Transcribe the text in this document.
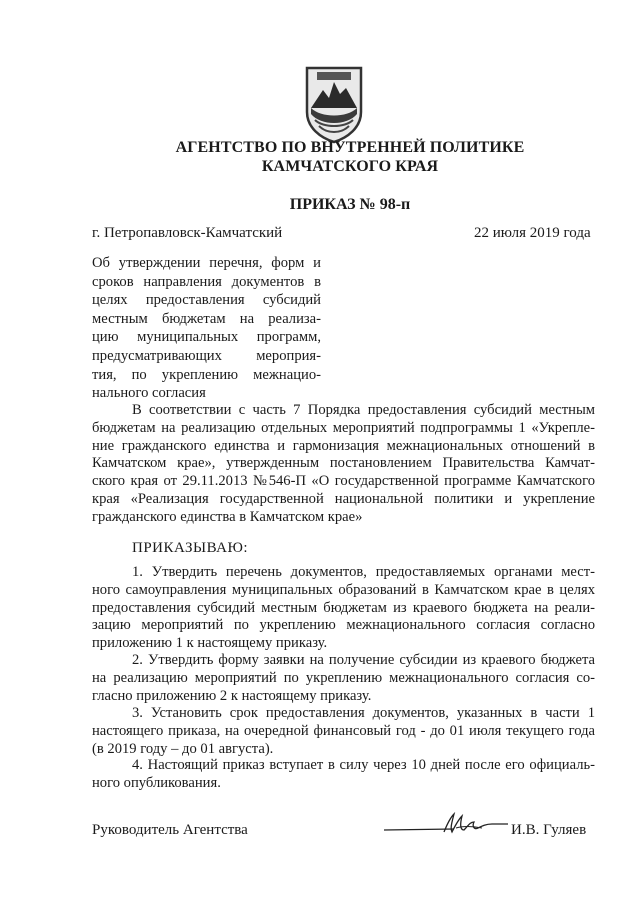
АГЕНТСТВО ПО ВНУТРЕННЕЙ ПОЛИТИКЕ
КАМЧАТСКОГО КРАЯ
ПРИКАЗ № 98-п
г. Петропавловск-Камчатский	22 июля 2019 года
Об утверждении перечня, форм и
сроков направления документов в
целях предоставления субсидий
местным бюджетам на реализа-
цию муниципальных программ,
предусматривающих мероприя-
тия, по укреплению межнацио-
нального согласия
В соответствии с часть 7 Порядка предоставления субсидий местным
бюджетам на реализацию отдельных мероприятий подпрограммы 1 «Укрепле-
ние гражданского единства и гармонизация межнациональных отношений в
Камчатском крае», утвержденным постановлением Правительства Камчат-
ского края от 29.11.2013 №546-П «О государственной программе Камчатского
края «Реализация государственной национальной политики и укрепление
гражданского единства в Камчатском крае»
ПРИКАЗЫВАЮ:
1. Утвердить перечень документов, предоставляемых органами мест-
ного самоуправления муниципальных образований в Камчатском крае в целях
предоставления субсидий местным бюджетам из краевого бюджета на реали-
зацию мероприятий по укреплению межнационального согласия согласно
приложению 1 к настоящему приказу.
2. Утвердить форму заявки на получение субсидии из краевого бюджета
на реализацию мероприятий по укреплению межнационального согласия со-
гласно приложению 2 к настоящему приказу.
3. Установить срок предоставления документов, указанных в части 1
настоящего приказа, на очередной финансовый год - до 01 июля текущего года
(в 2019 году – до 01 августа).
4. Настоящий приказ вступает в силу через 10 дней после его официаль-
ного опубликования.
Руководитель Агентства	И.В. Гуляев
